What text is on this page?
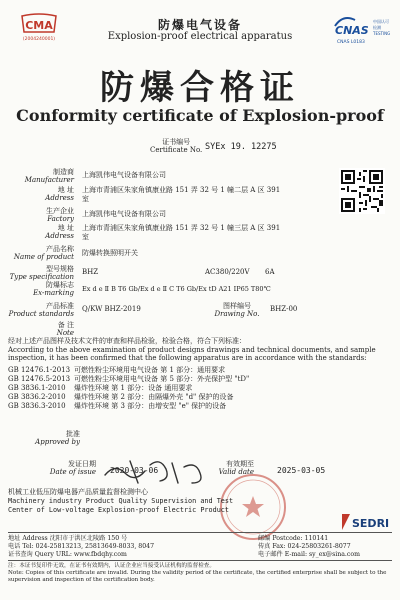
CMA
(2004240001)
防爆电气设备
Explosion-proof electrical apparatus	CNAS
中国认可
检测
TESTING
CNAS L0183
防爆合格证
Conformity certificate of Explosion-proof
证书编号
Certificate No. SYEx 19. 12275
制造商
Manufacturer
上海凯伟电气设备有限公司
地 址
Address
上海市青浦区朱家角镇康业路 151 弄 32 号 1 幢二层 A 区 391
室
生产企业
Factory
上海凯伟电气设备有限公司
地 址
Address
上海市青浦区朱家角镇康业路 151 弄 32 号 1 幢三层 A 区 391
室
产品名称
Name of product 防爆转换照明开关
型号规格
Type specification
BHZ	AC380/220V 6A
防爆标志
Ex-marking Ex d e Ⅱ B T6 Gb/Ex d e Ⅱ C T6 Gb/Ex tD A21 IP65 T80℃
产品标准
Product standards
Q/KW BHZ-2019	图样编号
Drawing No.
BHZ-00
备 注
Note
经对上述产品图样及技术文件的审查和样品检验，检验合格，符合下列标准：
According to the above examination of product designs drawings and technical documents, and sample
inspection, it has been confirmed that the following apparatus are in accordance with the standards:
GB 12476.1-2013 可燃性粉尘环境用电气设备 第 1 部分：通用要求
GB 12476.5-2013 可燃性粉尘环境用电气设备 第 5 部分：外壳保护型 "tD"
GB 3836.1-2010 爆炸性环境 第 1 部分：设备 通用要求
GB 3836.2-2010 爆炸性环境 第 2 部分：由隔爆外壳 "d" 保护的设备
GB 3836.3-2010 爆炸性环境 第 3 部分：由增安型 "e" 保护的设备
批准
Approved by
发证日期
Date of issue 2020-03-06
有效期至
Valid date	2025-03-05
机械工业低压防爆电器产品质量监督检测中心
Machinery industry Product Quality Supervision and Test
Center of Low-voltage Explosion-proof Electric Product
SEDRI
地址 Address 沈阳市于洪区北陵路 150 号	邮编 Postcode: 110141
电话 Tel: 024-25813213, 25813649-8033, 8047	传真 Fax: 024-25803261-8077
证书查询 Query URL: www.fbdqhy.com	电子邮件 E-mail: sy_ex@sina.com
注：本证书复印件无效，在证书有效期内，认证企业应当接受认证机构的监督检查。
Note: Copies of this certificate are invalid. During the validity period of the certificate, the certified enterprise shall be subject to the supervision and inspection of the certification body.
